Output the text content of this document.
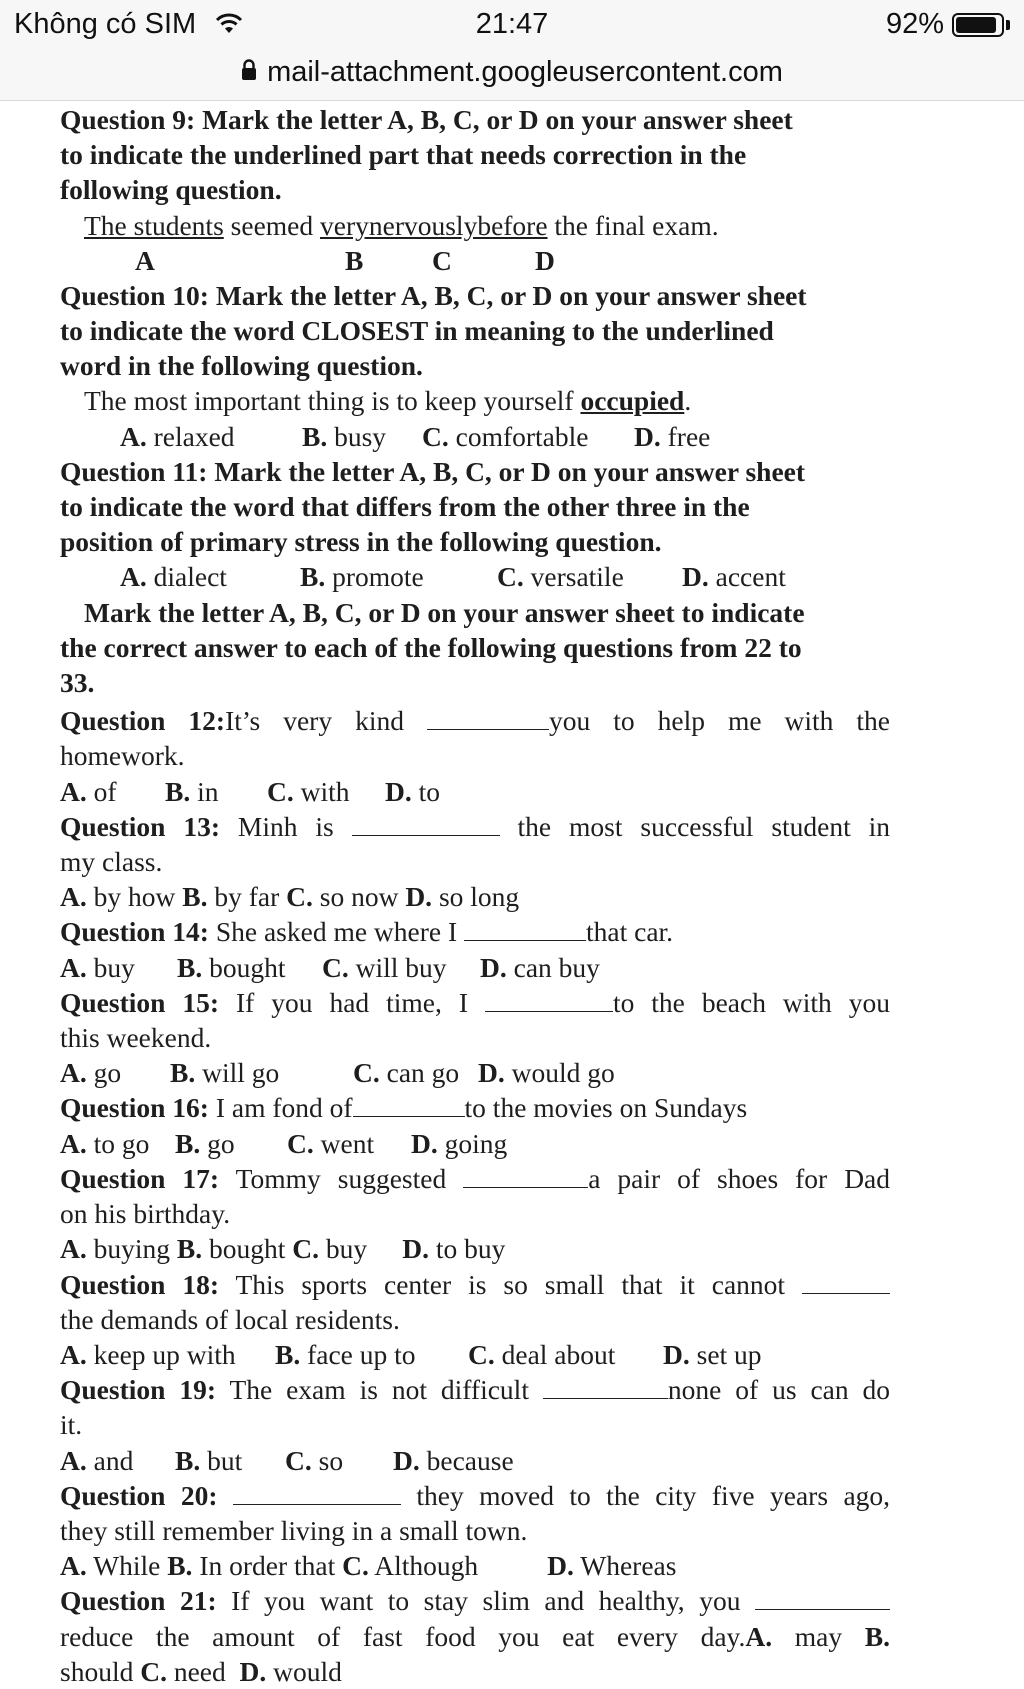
Không có SIM	21:47	92%
mail-attachment.googleusercontent.com

Question 9: Mark the letter A, B, C, or D on your answer sheet

to indicate the underlined part that needs correction in the

following question.

The students seemed verynervouslybefore the final exam.

A	B C	D

Question 10: Mark the letter A, B, C, or D on your answer sheet

to indicate the word CLOSEST in meaning to the underlined

word in the following question.

The most important thing is to keep yourself occupied.

A. relaxed B. busy C. comfortable D. free

Question 11: Mark the letter A, B, C, or D on your answer sheet

to indicate the word that differs from the other three in the

position of primary stress in the following question.

A. dialect	B. promote	C. versatile D. accent

Mark the letter A, B, C, or D on your answer sheet to indicate

the correct answer to each of the following questions from 22 to

33.

Question 12:It’s very kind	you to help me with the

homework.

A. of B. in C. with D. to

Question 13: Minh is	the most successful student in

my class.

A. by how B. by far C. so now D. so long

Question 14: She asked me where I	that car.

A. buy B. bought C. will buy D. can buy

Question 15: If you had time, I	to the beach with you

this weekend.

A. go B. will go	C. can go D. would go

Question 16: I am fond of	to the movies on Sundays

A. to go B. go C. went D. going

Question 17: Tommy suggested	a pair of shoes for Dad

on his birthday.

A. buying B. bought C. buy D. to buy

Question 18: This sports center is so small that it cannot

the demands of local residents.

A. keep up with B. face up to C. deal about D. set up

Question 19: The exam is not difficult	none of us can do

it.

A. and B. but C. so D. because

Question 20:	they moved to the city five years ago,

they still remember living in a small town.

A. While B. In order that C. Although	D. Whereas

Question 21: If you want to stay slim and healthy, you

reduce the amount of fast food you eat every day.A. may B.

should C. need D. would
